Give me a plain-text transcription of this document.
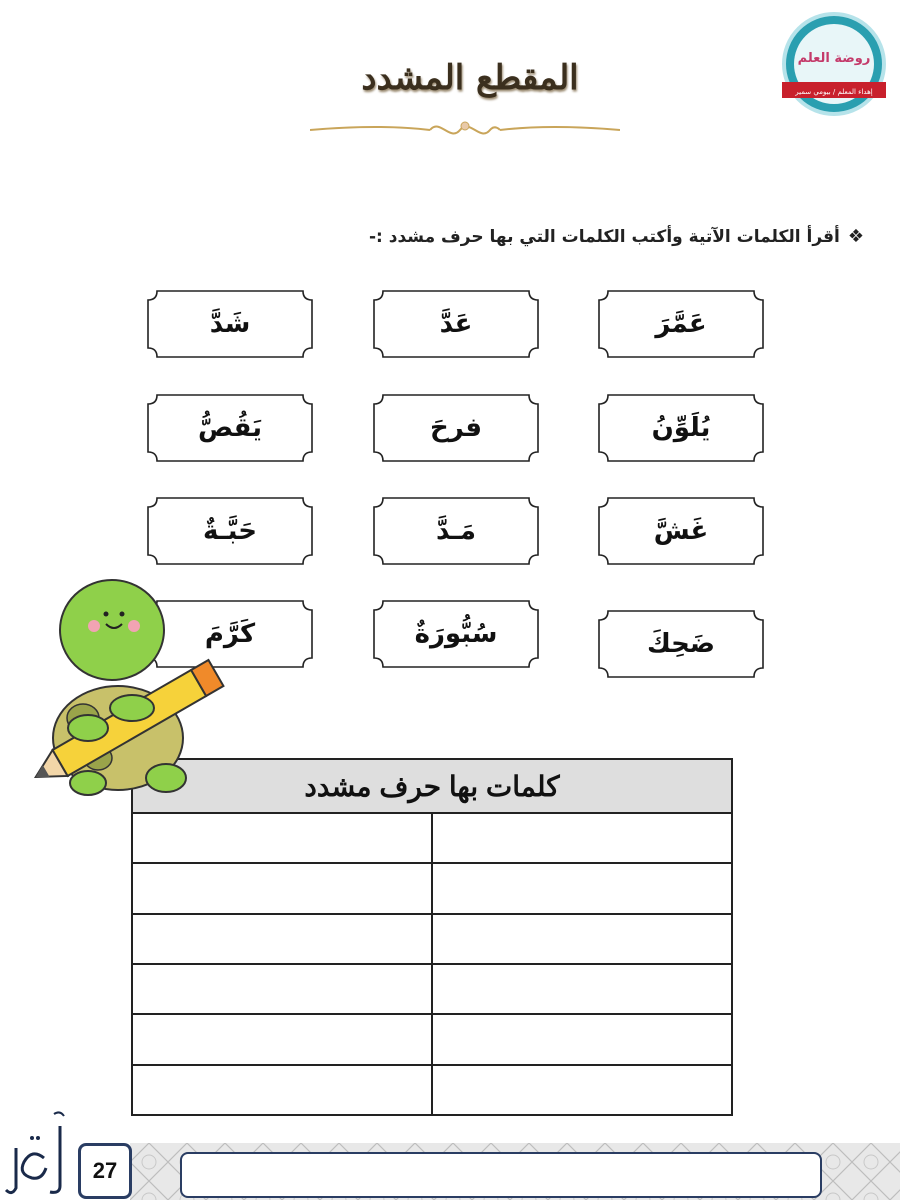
روضة العلم
إهداء المعلم / بيومي سمير
المقطع المشدد
❖أقرأ الكلمات الآتية وأكتب الكلمات التي بها حرف مشدد :-
عَمَّرَ
عَدَّ
شَدَّ
يُلَوِّنُ
فرحَ
يَقُصُّ
غَشَّ
مَـدَّ
حَبَّـةٌ
ضَحِكَ
سُبُّورَةٌ
كَرَّمَ
كلمات بها حرف مشدد	

27
